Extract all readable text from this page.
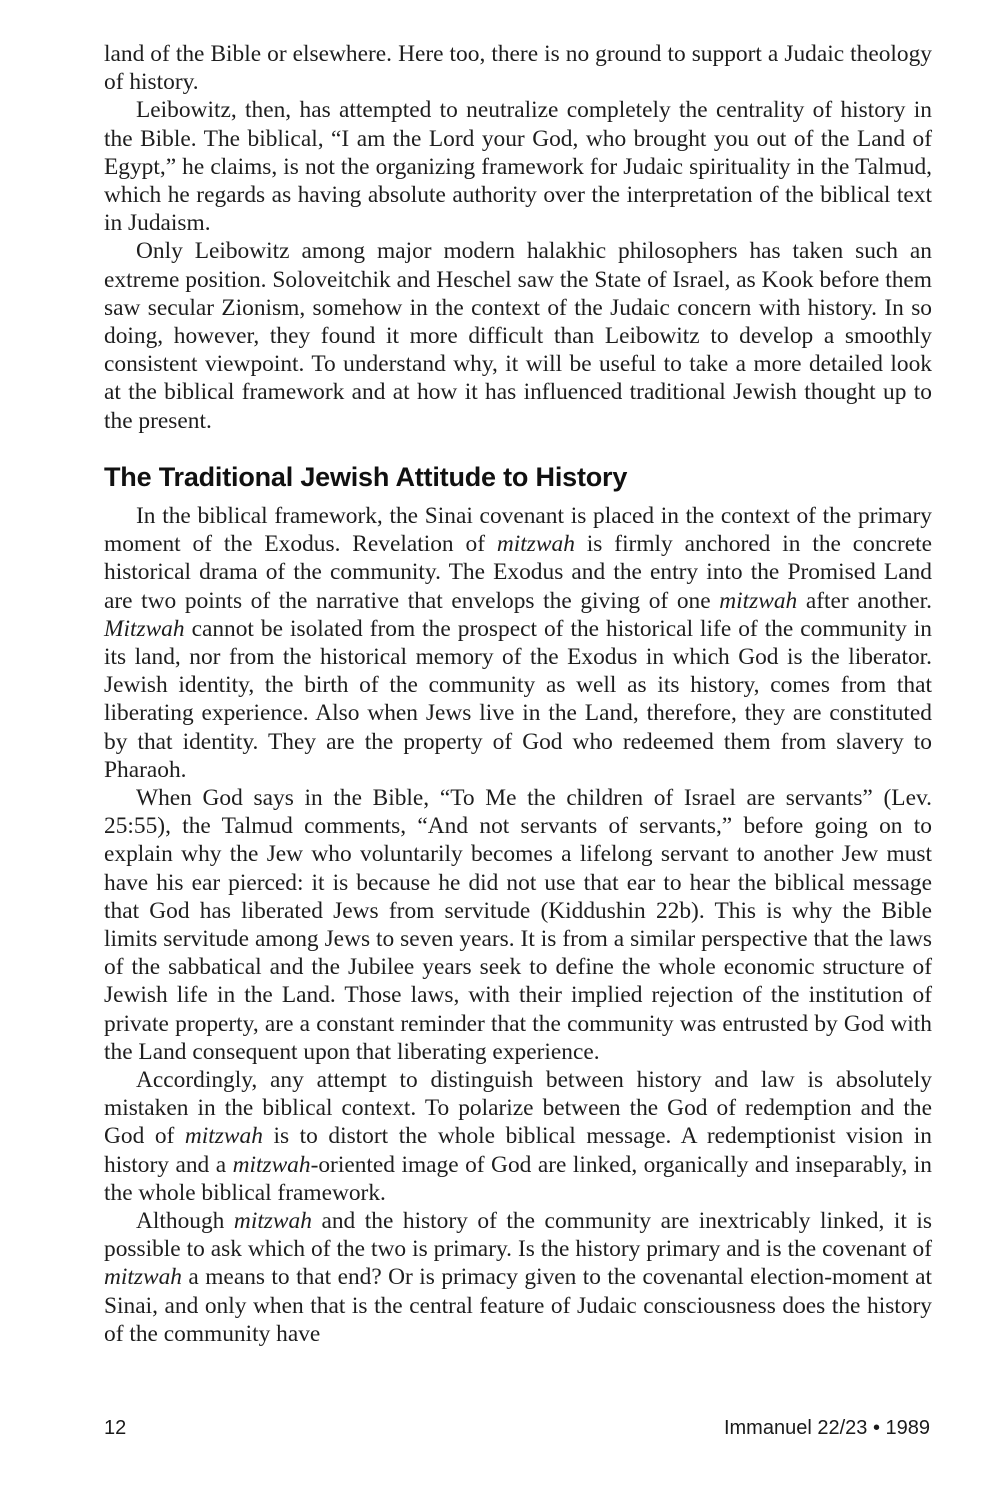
land of the Bible or elsewhere. Here too, there is no ground to support a Judaic theology of history.

Leibowitz, then, has attempted to neutralize completely the centrality of history in the Bible. The biblical, “I am the Lord your God, who brought you out of the Land of Egypt,” he claims, is not the organizing framework for Judaic spirituality in the Talmud, which he regards as having absolute authority over the interpretation of the biblical text in Judaism.

Only Leibowitz among major modern halakhic philosophers has taken such an extreme position. Soloveitchik and Heschel saw the State of Israel, as Kook before them saw secular Zionism, somehow in the context of the Judaic concern with history. In so doing, however, they found it more difficult than Leibowitz to develop a smoothly consistent viewpoint. To understand why, it will be useful to take a more detailed look at the biblical framework and at how it has influenced traditional Jewish thought up to the present.

The Traditional Jewish Attitude to History

In the biblical framework, the Sinai covenant is placed in the context of the primary moment of the Exodus. Revelation of mitzwah is firmly anchored in the concrete historical drama of the community. The Exodus and the entry into the Promised Land are two points of the narrative that envelops the giving of one mitzwah after another. Mitzwah cannot be isolated from the prospect of the historical life of the community in its land, nor from the historical memory of the Exodus in which God is the liberator. Jewish identity, the birth of the community as well as its history, comes from that liberating experience. Also when Jews live in the Land, therefore, they are constituted by that identity. They are the property of God who redeemed them from slavery to Pharaoh.

When God says in the Bible, “To Me the children of Israel are servants” (Lev. 25:55), the Talmud comments, “And not servants of servants,” before going on to explain why the Jew who voluntarily becomes a lifelong servant to another Jew must have his ear pierced: it is because he did not use that ear to hear the biblical message that God has liberated Jews from servitude (Kiddushin 22b). This is why the Bible limits servitude among Jews to seven years. It is from a similar perspective that the laws of the sabbatical and the Jubilee years seek to define the whole economic structure of Jewish life in the Land. Those laws, with their implied rejection of the institution of private property, are a constant reminder that the community was entrusted by God with the Land consequent upon that liberating experience.

Accordingly, any attempt to distinguish between history and law is absolutely mistaken in the biblical context. To polarize between the God of redemption and the God of mitzwah is to distort the whole biblical message. A redemptionist vision in history and a mitzwah-oriented image of God are linked, organically and inseparably, in the whole biblical framework.

Although mitzwah and the history of the community are inextricably linked, it is possible to ask which of the two is primary. Is the history primary and is the covenant of mitzwah a means to that end? Or is primacy given to the covenantal election-moment at Sinai, and only when that is the central feature of Judaic consciousness does the history of the community have

12	Immanuel 22/23 • 1989
